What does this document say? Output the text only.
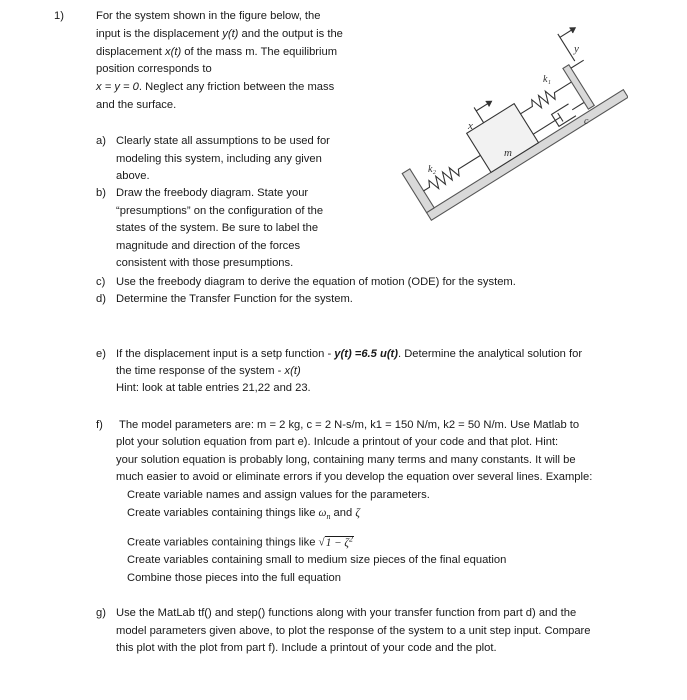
1)	For the system shown in the figure below, the
input is the displacement y(t) and the output is the
displacement x(t) of the mass m. The equilibrium
position corresponds to
x = y = 0. Neglect any friction between the mass
and the surface.
a) Clearly state all assumptions to be used for
modeling this system, including any given
above.
b) Draw the freebody diagram. State your
“presumptions” on the configuration of the
states of the system. Be sure to label the
magnitude and direction of the forces
consistent with those presumptions.
c) Use the freebody diagram to derive the equation of motion (ODE) for the system.
d) Determine the Transfer Function for the system.
e) If the displacement input is a setp function - y(t) =6.5 u(t). Determine the analytical solution for
the time response of the system - x(t)
Hint: look at table entries 21,22 and 23.
f) The model parameters are: m = 2 kg, c = 2 N-s/m, k1 = 150 N/m, k2 = 50 N/m. Use Matlab to
plot your solution equation from part e). Inlcude a printout of your code and that plot. Hint:
your solution equation is probably long, containing many terms and many constants. It will be
much easier to avoid or eliminate errors if you develop the equation over several lines. Example:
Create variable names and assign values for the parameters.
Create variables containing things like $\omega_n$ and ζ
Create variables containing things like $√1 - \zeta^2$
Create variables containing small to medium size pieces of the final equation
Combine those pieces into the full equation
g) Use the MatLab tf() and step() functions along with your transfer function from part d) and the
model parameters given above, to plot the response of the system to a unit step input. Compare
this plot with the plot from part f). Include a printout of your code and the plot.
y
x
k₁
k₂
c
m
